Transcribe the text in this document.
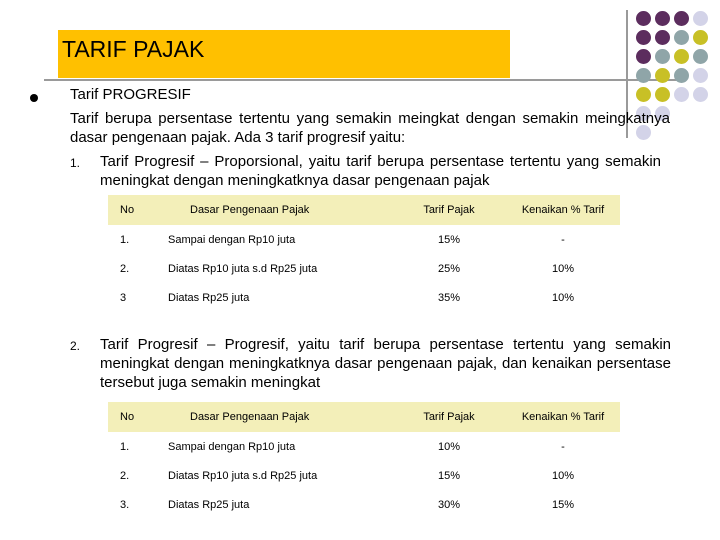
TARIF PAJAK
Tarif PROGRESIF
Tarif berupa persentase tertentu yang semakin meingkat dengan semakin meingkatnya dasar pengenaan pajak. Ada 3 tarif progresif yaitu:
1. Tarif Progresif – Proporsional, yaitu tarif berupa persentase tertentu yang semakin meningkat dengan meningkatknya dasar pengenaan pajak
No	Dasar Pengenaan Pajak	Tarif Pajak	Kenaikan % Tarif
1.	Sampai dengan Rp10 juta	15%	-
2.	Diatas Rp10 juta s.d Rp25 juta	25%	10%
3	Diatas Rp25 juta	35%	10%
2. Tarif Progresif – Progresif, yaitu tarif berupa persentase tertentu yang semakin meningkat dengan meningkatknya dasar pengenaan pajak, dan kenaikan persentase tersebut juga semakin meningkat
No	Dasar Pengenaan Pajak	Tarif Pajak	Kenaikan % Tarif
1.	Sampai dengan Rp10 juta	10%	-
2.	Diatas Rp10 juta s.d Rp25 juta	15%	10%
3.	Diatas Rp25 juta	30%	15%
